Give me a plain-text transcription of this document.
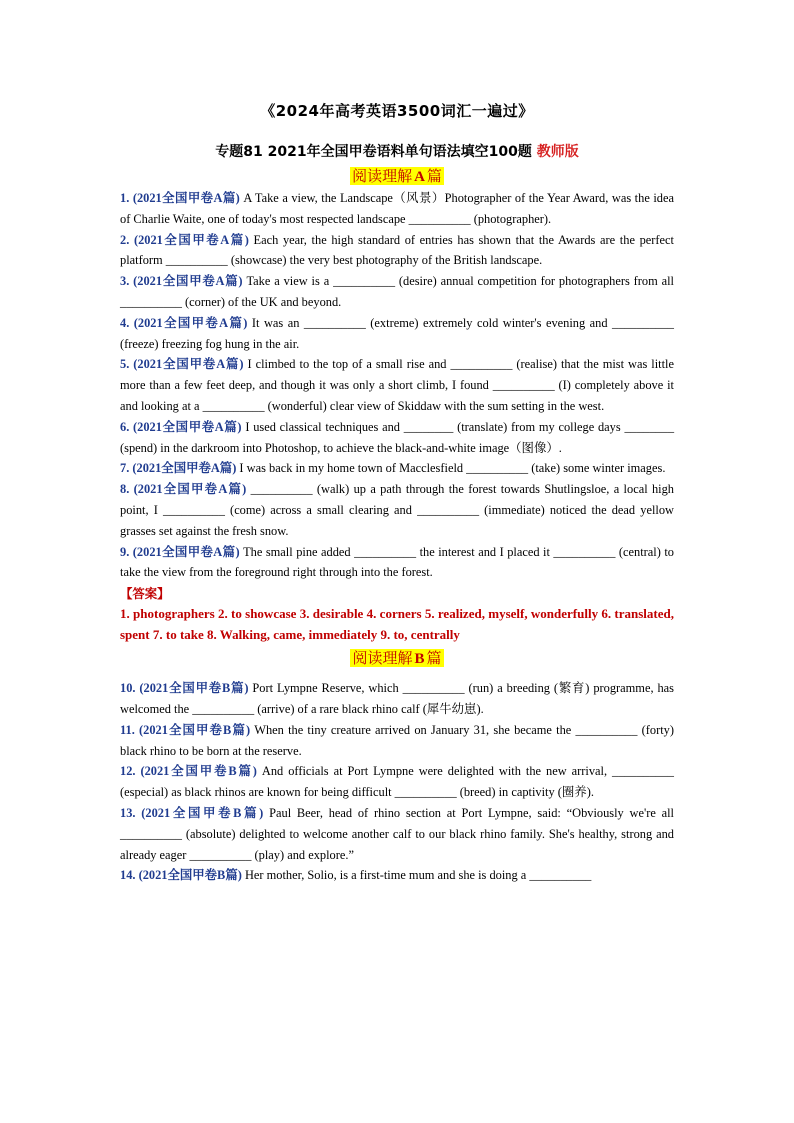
《2024年高考英语3500词汇一遍过》

专题81 2021年全国甲卷语料单句语法填空100题 教师版

阅读理解 A 篇

1. (2021全国甲卷A篇) A Take a view, the Landscape（风景）Photographer of the Year Award, was the idea of Charlie Waite, one of today's most respected landscape __________ (photographer).

2. (2021全国甲卷A篇) Each year, the high standard of entries has shown that the Awards are the perfect platform __________ (showcase) the very best photography of the British landscape.

3. (2021全国甲卷A篇) Take a view is a __________ (desire) annual competition for photographers from all __________ (corner) of the UK and beyond.

4. (2021全国甲卷A篇) It was an __________ (extreme) extremely cold winter's evening and __________ (freeze) freezing fog hung in the air.

5. (2021全国甲卷A篇) I climbed to the top of a small rise and __________ (realise) that the mist was little more than a few feet deep, and though it was only a short climb, I found __________ (I) completely above it and looking at a __________ (wonderful) clear view of Skiddaw with the sum setting in the west.

6. (2021全国甲卷A篇) I used classical techniques and ________ (translate) from my college days ________ (spend) in the darkroom into Photoshop, to achieve the black-and-white image（图像）.

7. (2021全国甲卷A篇) I was back in my home town of Macclesfield __________ (take) some winter images.

8. (2021全国甲卷A篇) __________ (walk) up a path through the forest towards Shutlingsloe, a local high point, I __________ (come) across a small clearing and __________ (immediate) noticed the dead yellow grasses set against the fresh snow.

9. (2021全国甲卷A篇) The small pine added __________ the interest and I placed it __________ (central) to take the view from the foreground right through into the forest.

【答案】

1. photographers 2. to showcase 3. desirable 4. corners 5. realized, myself, wonderfully 6. translated, spent 7. to take 8. Walking, came, immediately 9. to, centrally

阅读理解 B 篇

10. (2021全国甲卷B篇) Port Lympne Reserve, which __________ (run) a breeding (繁育) programme, has welcomed the __________ (arrive) of a rare black rhino calf (犀牛幼崽).

11. (2021全国甲卷B篇) When the tiny creature arrived on January 31, she became the __________ (forty) black rhino to be born at the reserve.

12. (2021全国甲卷B篇) And officials at Port Lympne were delighted with the new arrival, __________ (especial) as black rhinos are known for being difficult __________ (breed) in captivity (圈养).

13. (2021全国甲卷B篇) Paul Beer, head of rhino section at Port Lympne, said: “Obviously we're all __________ (absolute) delighted to welcome another calf to our black rhino family. She's healthy, strong and already eager __________ (play) and explore.”

14. (2021全国甲卷B篇) Her mother, Solio, is a first-time mum and she is doing a __________
